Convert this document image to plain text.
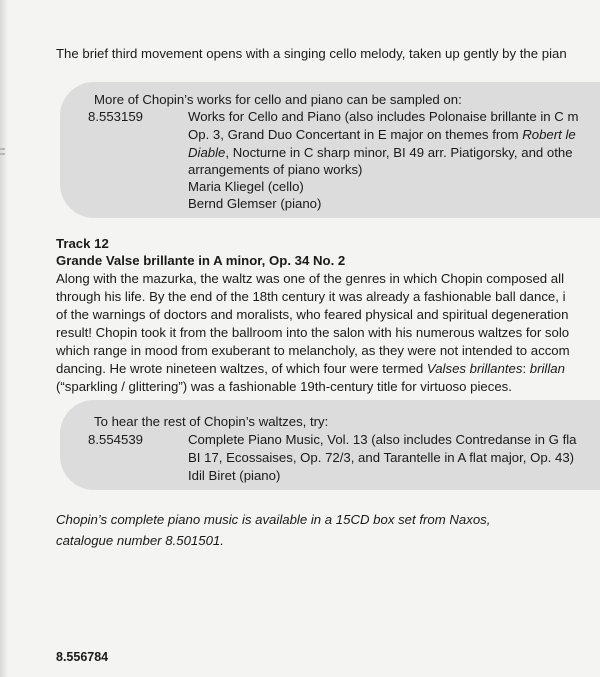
The brief third movement opens with a singing cello melody, taken up gently by the pian
More of Chopin’s works for cello and piano can be sampled on:
8.553159	Works for Cello and Piano (also includes Polonaise brillante in C m
Op. 3, Grand Duo Concertant in E major on themes from Robert le
Diable, Nocturne in C sharp minor, BI 49 arr. Piatigorsky, and othe
arrangements of piano works)
Maria Kliegel (cello)
Bernd Glemser (piano)
Track 12
Grande Valse brillante in A minor, Op. 34 No. 2
Along with the mazurka, the waltz was one of the genres in which Chopin composed all
through his life. By the end of the 18th century it was already a fashionable ball dance, i
of the warnings of doctors and moralists, who feared physical and spiritual degeneration
result! Chopin took it from the ballroom into the salon with his numerous waltzes for solo
which range in mood from exuberant to melancholy, as they were not intended to accom
dancing. He wrote nineteen waltzes, of which four were termed Valses brillantes: brillan
(“sparkling / glittering”) was a fashionable 19th-century title for virtuoso pieces.
To hear the rest of Chopin’s waltzes, try:
8.554539	Complete Piano Music, Vol. 13 (also includes Contredanse in G fla
BI 17, Ecossaises, Op. 72/3, and Tarantelle in A flat major, Op. 43)
Idil Biret (piano)
Chopin’s complete piano music is available in a 15CD box set from Naxos,
catalogue number 8.501501.
8.556784
